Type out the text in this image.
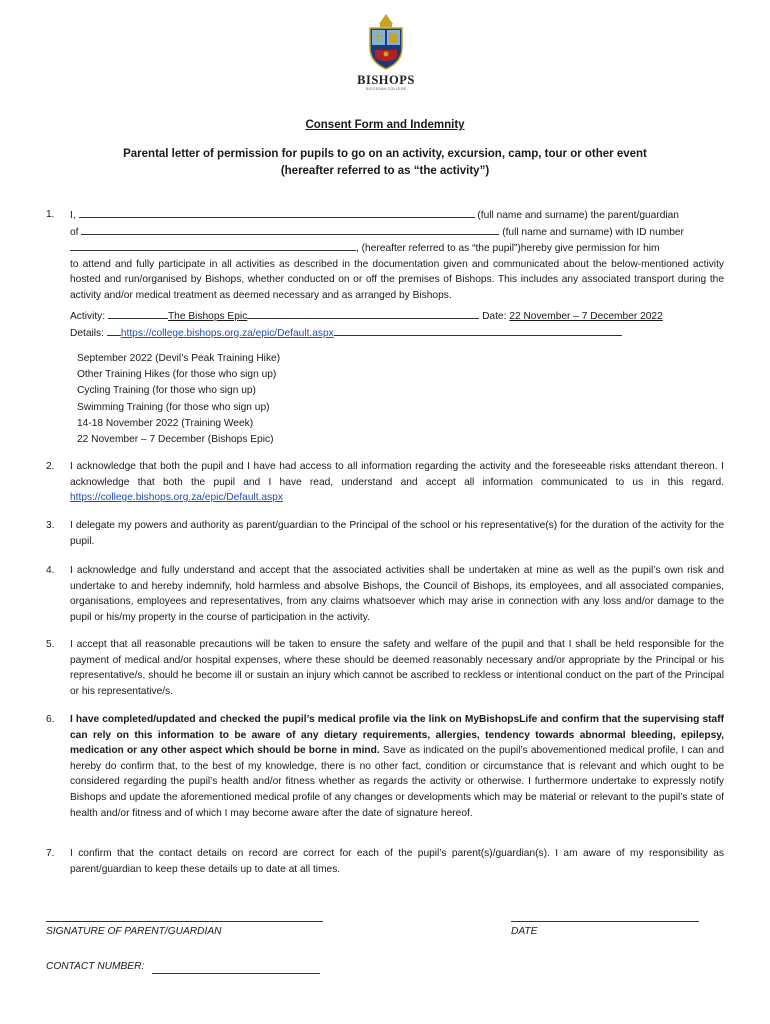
BISHOPS
DIOCESAN COLLEGE
Consent Form and Indemnity
Parental letter of permission for pupils to go on an activity, excursion, camp, tour or other event
(hereafter referred to as “the activity”)
1. I,	(full name and surname) the parent/guardian
of	(full name and surname) with ID number
, (hereafter referred to as “the pupil”)hereby give permission for him
to attend and fully participate in all activities as described in the documentation given and communicated about the below-mentioned activity hosted and run/organised by Bishops, whether conducted on or off the premises of Bishops. This includes any associated transport during the activity and/or medical treatment as deemed necessary and as arranged by Bishops.
Activity:	The Bishops Epic	Date: 22 November – 7 December 2022
Details: https://college.bishops.org.za/epic/Default.aspx
September 2022 (Devil’s Peak Training Hike)
Other Training Hikes (for those who sign up)
Cycling Training (for those who sign up)
Swimming Training (for those who sign up)
14-18 November 2022 (Training Week)
22 November – 7 December (Bishops Epic)
2. I acknowledge that both the pupil and I have had access to all information regarding the activity and the foreseeable risks attendant thereon. I acknowledge that both the pupil and I have read, understand and accept all information communicated to us in this regard. https://college.bishops.org.za/epic/Default.aspx
3. I delegate my powers and authority as parent/guardian to the Principal of the school or his representative(s) for the duration of the activity for the pupil.
4. I acknowledge and fully understand and accept that the associated activities shall be undertaken at mine as well as the pupil’s own risk and undertake to and hereby indemnify, hold harmless and absolve Bishops, the Council of Bishops, its employees, and all associated companies, organisations, employees and representatives, from any claims whatsoever which may arise in connection with any loss and/or damage to the pupil or his/my property in the course of participation in the activity.
5. I accept that all reasonable precautions will be taken to ensure the safety and welfare of the pupil and that I shall be held responsible for the payment of medical and/or hospital expenses, where these should be deemed reasonably necessary and/or appropriate by the Principal or his representative/s, should he become ill or sustain an injury which cannot be ascribed to reckless or intentional conduct on the part of the Principal or his representative/s.
6. I have completed/updated and checked the pupil’s medical profile via the link on MyBishopsLife and confirm that the supervising staff can rely on this information to be aware of any dietary requirements, allergies, tendency towards abnormal bleeding, epilepsy, medication or any other aspect which should be borne in mind. Save as indicated on the pupil’s abovementioned medical profile, I can and hereby do confirm that, to the best of my knowledge, there is no other fact, condition or circumstance that is relevant and which ought to be considered regarding the pupil’s health and/or fitness whether as regards the activity or otherwise. I furthermore undertake to expressly notify Bishops and update the aforementioned medical profile of any changes or developments which may be material or relevant to the pupil’s state of health and/or fitness and of which I may become aware after the date of signature hereof.
7. I confirm that the contact details on record are correct for each of the pupil’s parent(s)/guardian(s). I am aware of my responsibility as parent/guardian to keep these details up to date at all times.
SIGNATURE OF PARENT/GUARDIAN	DATE
CONTACT NUMBER:
